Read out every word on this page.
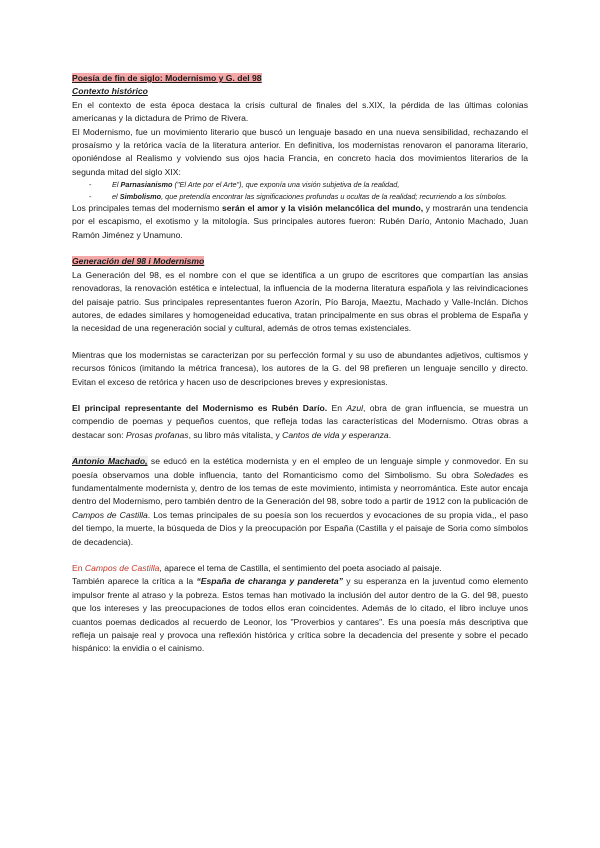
Poesía de fin de siglo: Modernismo y G. del 98

Contexto histórico

En el contexto de esta época destaca la crisis cultural de finales del s.XIX, la pérdida de las últimas colonias americanas y la dictadura de Primo de Rivera.

El Modernismo, fue un movimiento literario que buscó un lenguaje basado en una nueva sensibilidad, rechazando el prosaísmo y la retórica vacía de la literatura anterior. En definitiva, los modernistas renovaron el panorama literario, oponiéndose al Realismo y volviendo sus ojos hacia Francia, en concreto hacia dos movimientos literarios de la segunda mitad del siglo XIX:

-	El Parnasianismo ("El Arte por el Arte"), que exponía una visión subjetiva de la realidad,
-	el Simbolismo, que pretendía encontrar las significaciones profundas u ocultas de la realidad; recurriendo a los símbolos.

Los principales temas del modernismo serán el amor y la visión melancólica del mundo, y mostrarán una tendencia por el escapismo, el exotismo y la mitología. Sus principales autores fueron: Rubén Darío, Antonio Machado, Juan Ramón Jiménez y Unamuno.

Generación del 98 i Modernismo

La Generación del 98, es el nombre con el que se identifica a un grupo de escritores que compartían las ansias renovadoras, la renovación estética e intelectual, la influencia de la moderna literatura española y las reivindicaciones del paisaje patrio. Sus principales representantes fueron Azorín, Pío Baroja, Maeztu, Machado y Valle-Inclán. Dichos autores, de edades similares y homogeneidad educativa, tratan principalmente en sus obras el problema de España y la necesidad de una regeneración social y cultural, además de otros temas existenciales.

Mientras que los modernistas se caracterizan por su perfección formal y su uso de abundantes adjetivos, cultismos y recursos fónicos (imitando la métrica francesa), los autores de la G. del 98 prefieren un lenguaje sencillo y directo. Evitan el exceso de retórica y hacen uso de descripciones breves y expresionistas.

El principal representante del Modernismo es Rubén Darío. En Azul, obra de gran influencia, se muestra un compendio de poemas y pequeños cuentos, que refleja todas las características del Modernismo. Otras obras a destacar son: Prosas profanas, su libro más vitalista, y Cantos de vida y esperanza.

Antonio Machado, se educó en la estética modernista y en el empleo de un lenguaje simple y conmovedor. En su poesía observamos una doble influencia, tanto del Romanticismo como del Simbolismo. Su obra Soledades es fundamentalmente modernista y, dentro de los temas de este movimiento, intimista y neorromántica. Este autor encaja dentro del Modernismo, pero también dentro de la Generación del 98, sobre todo a partir de 1912 con la publicación de Campos de Castilla. Los temas principales de su poesía son los recuerdos y evocaciones de su propia vida,, el paso del tiempo, la muerte, la búsqueda de Dios y la preocupación por España (Castilla y el paisaje de Soria como símbolos de decadencia).

En Campos de Castilla, aparece el tema de Castilla, el sentimiento del poeta asociado al paisaje.

También aparece la crítica a la “España de charanga y pandereta” y su esperanza en la juventud como elemento impulsor frente al atraso y la pobreza. Estos temas han motivado la inclusión del autor dentro de la G. del 98, puesto que los intereses y las preocupaciones de todos ellos eran coincidentes. Además de lo citado, el libro incluye unos cuantos poemas dedicados al recuerdo de Leonor, los "Proverbios y cantares". Es una poesía más descriptiva que refleja un paisaje real y provoca una reflexión histórica y crítica sobre la decadencia del presente y sobre el pecado hispánico: la envidia o el cainismo.
